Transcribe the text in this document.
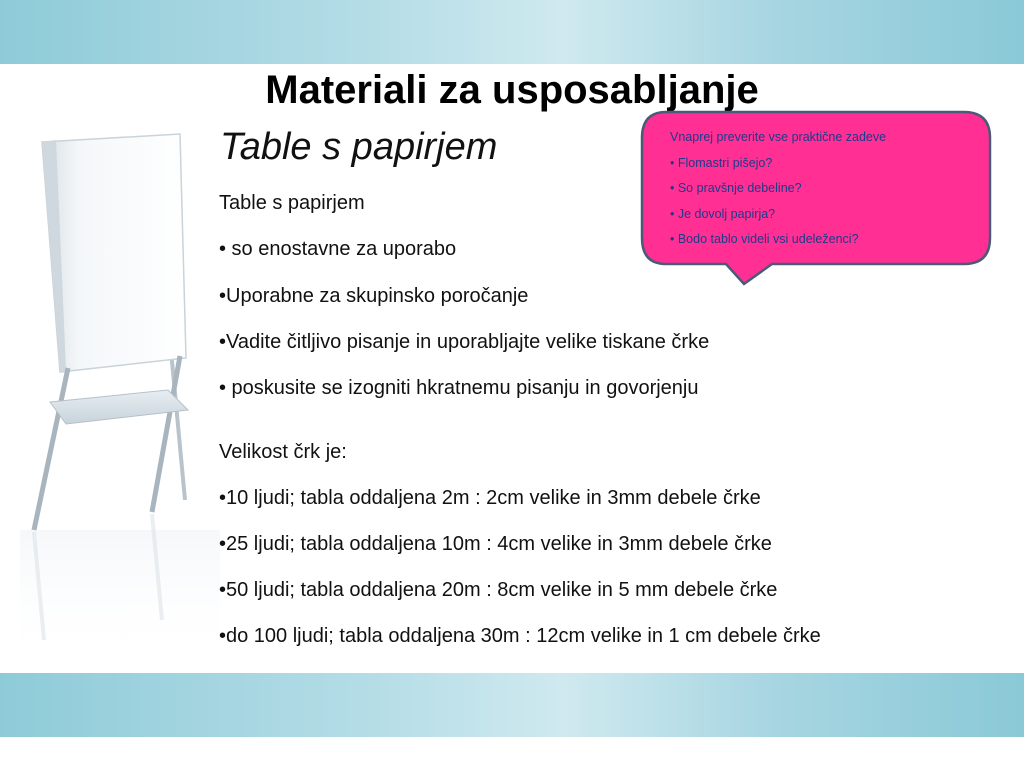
Materiali za usposabljanje
Table s papirjem
Table s papirjem
• so enostavne za uporabo
•Uporabne za skupinsko poročanje
•Vadite čitljivo pisanje in uporabljajte velike tiskane črke
• poskusite se izogniti hkratnemu pisanju in govorjenju
Velikost črk je:
•10 ljudi; tabla oddaljena 2m : 2cm velike in 3mm debele črke
•25 ljudi; tabla oddaljena 10m : 4cm velike in 3mm debele črke
•50 ljudi; tabla oddaljena 20m : 8cm velike in 5 mm debele črke
•do 100 ljudi; tabla oddaljena 30m : 12cm velike in 1 cm debele črke
Vnaprej preverite vse praktične zadeve
• Flomastri pišejo?
• So pravšnje debeline?
• Je dovolj papirja?
• Bodo tablo videli vsi udeleženci?
